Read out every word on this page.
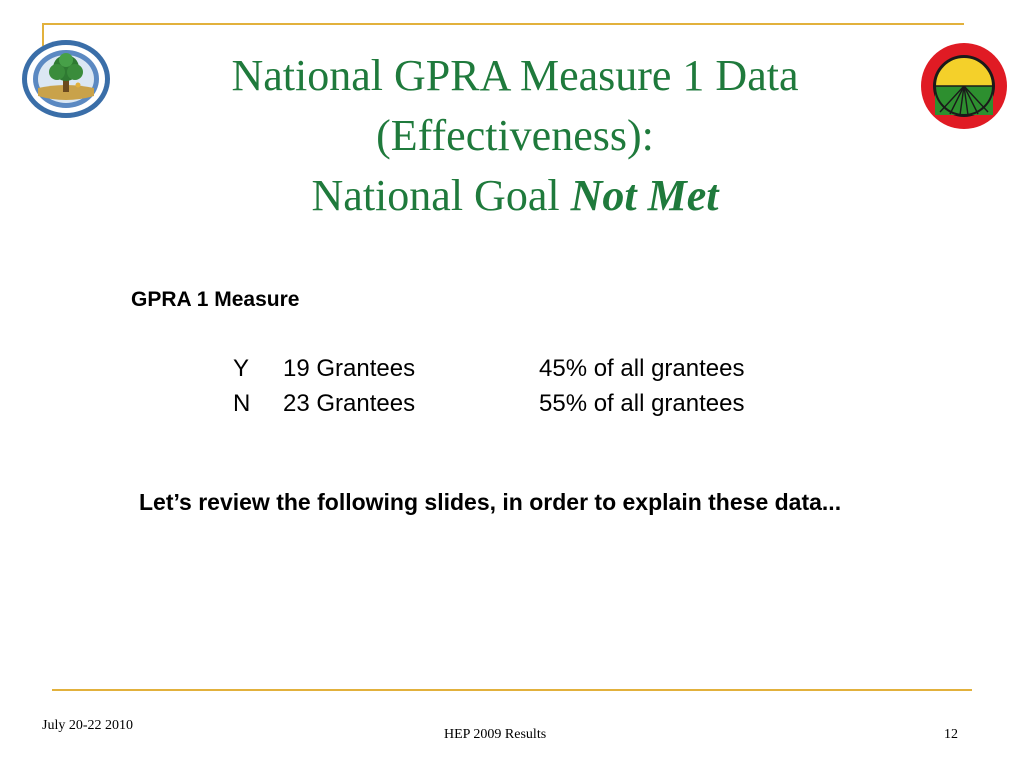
National GPRA Measure 1 Data
(Effectiveness):
National Goal Not Met
GPRA 1 Measure
Y 19 Grantees	45% of all grantees
N 23 Grantees	55% of all grantees
Let’s review the following slides, in order to explain these data...
July 20-22 2010
HEP 2009 Results	12
